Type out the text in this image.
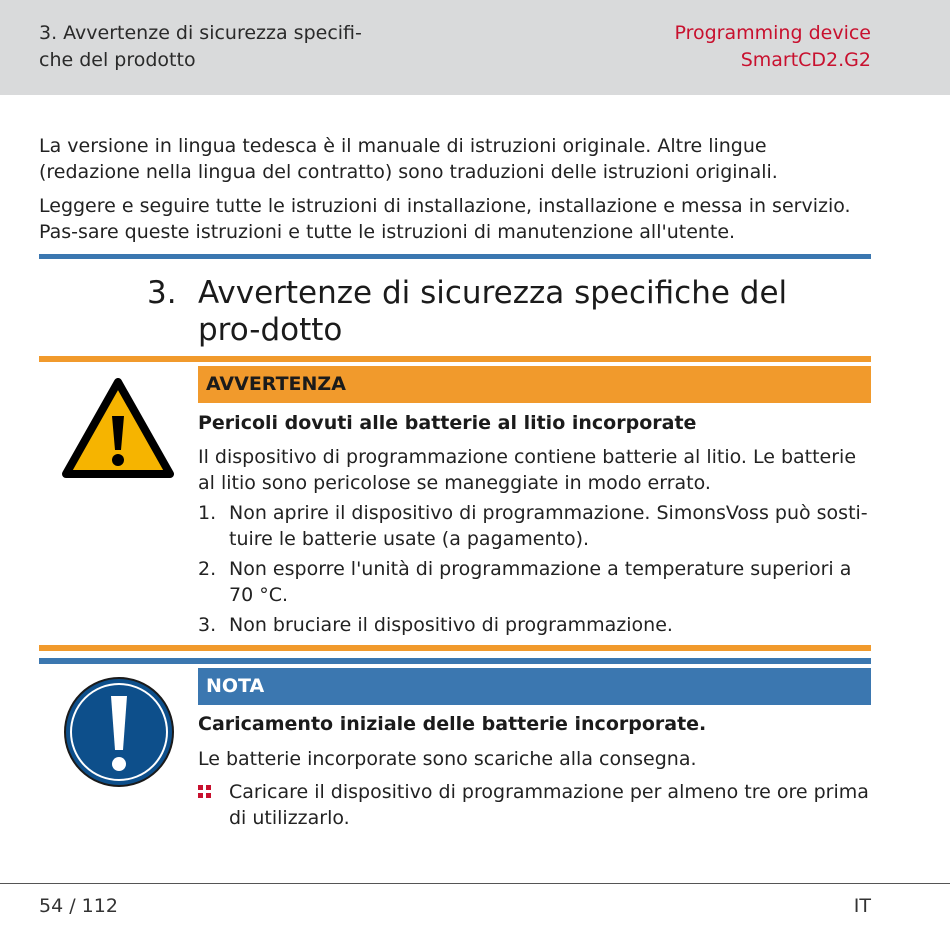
3. Avvertenze di sicurezza specifi-
che del prodotto
Programming device
SmartCD2.G2

La versione in lingua tedesca è il manuale di istruzioni originale. Altre lingue (redazione nella lingua del contratto) sono traduzioni delle istruzioni originali.

Leggere e seguire tutte le istruzioni di installazione, installazione e messa in servizio. Pas-sare queste istruzioni e tutte le istruzioni di manutenzione all'utente.

3. Avvertenze di sicurezza specifiche del pro-dotto
AVVERTENZA
Pericoli dovuti alle batterie al litio incorporate
Il dispositivo di programmazione contiene batterie al litio. Le batterie al litio sono pericolose se maneggiate in modo errato.
1. Non aprire il dispositivo di programmazione. SimonsVoss può sosti-tuire le batterie usate (a pagamento).
2. Non esporre l'unità di programmazione a temperature superiori a 70 °C.
3. Non bruciare il dispositivo di programmazione.
NOTA
Caricamento iniziale delle batterie incorporate.
Le batterie incorporate sono scariche alla consegna.
Caricare il dispositivo di programmazione per almeno tre ore prima di utilizzarlo.
54 / 112	IT
